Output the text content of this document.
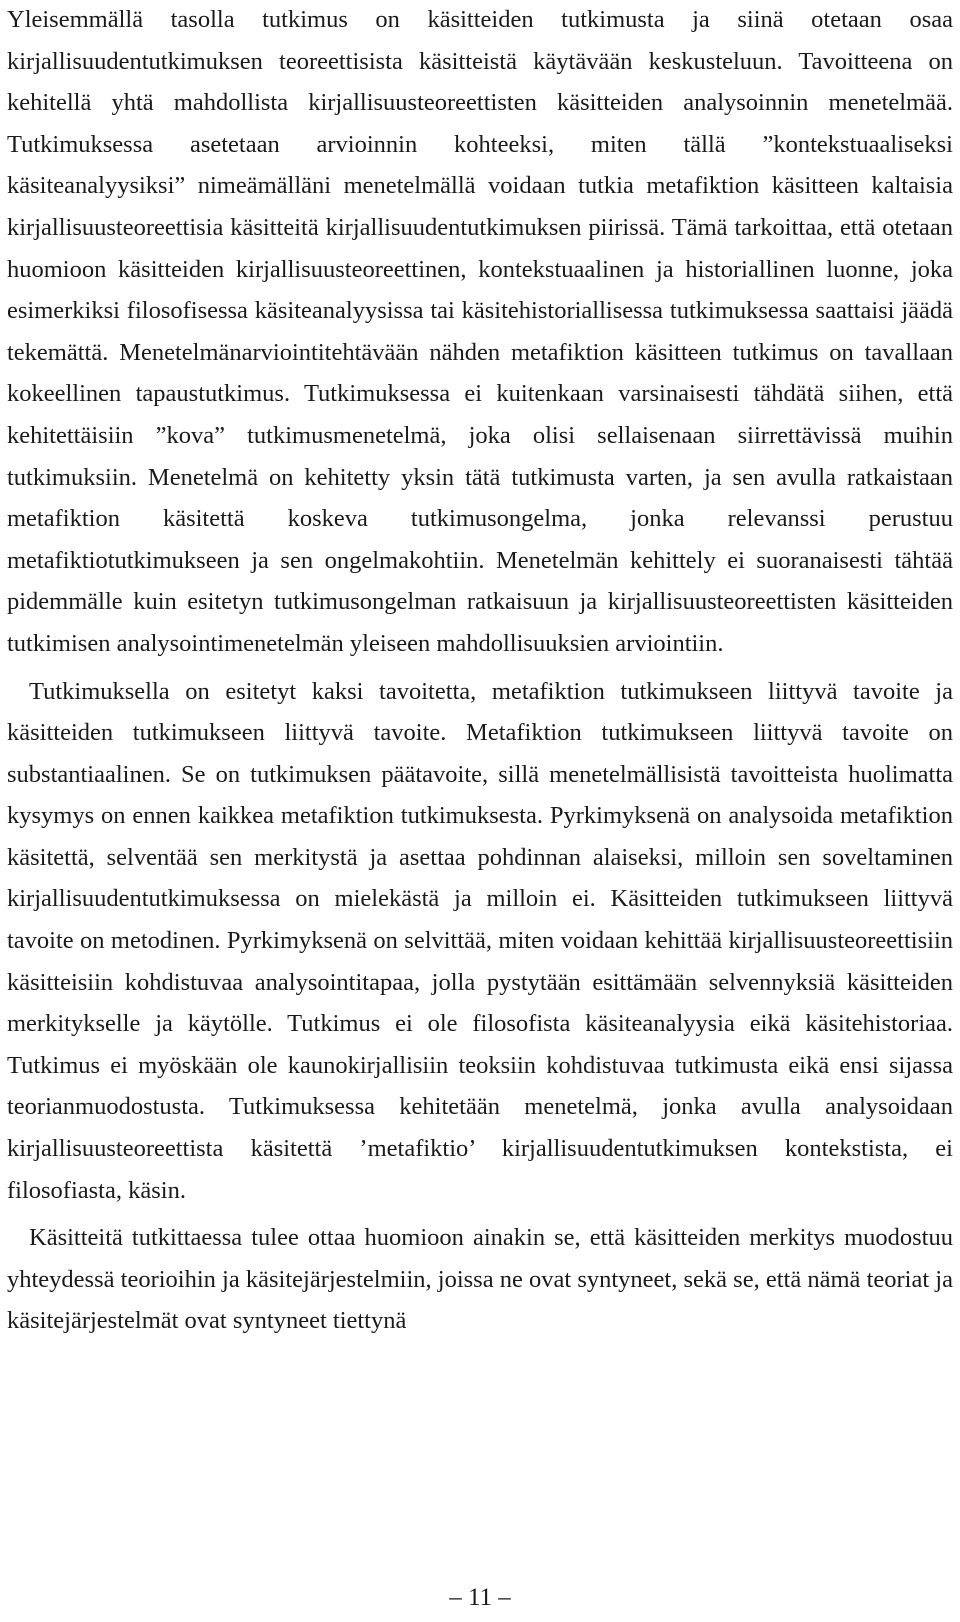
Yleisemmällä tasolla tutkimus on käsitteiden tutkimusta ja siinä otetaan osaa kirjallisuudentutkimuksen teoreettisista käsitteistä käytävään keskusteluun. Tavoitteena on kehitellä yhtä mahdollista kirjallisuusteoreettisten käsitteiden analysoinnin menetelmää. Tutkimuksessa asetetaan arvioinnin kohteeksi, miten tällä ”kontekstuaaliseksi käsiteanalyysiksi” nimeämälläni menetelmällä voidaan tutkia metafiktion käsitteen kaltaisia kirjallisuusteoreettisia käsitteitä kirjallisuudentutkimuksen piirissä. Tämä tarkoittaa, että otetaan huomioon käsitteiden kirjallisuusteoreettinen, kontekstuaalinen ja historiallinen luonne, joka esimerkiksi filosofisessa käsiteanalyysissa tai käsitehistoriallisessa tutkimuksessa saattaisi jäädä tekemättä. Menetelmänarviointitehtävään nähden metafiktion käsitteen tutkimus on tavallaan kokeellinen tapaustutkimus. Tutkimuksessa ei kuitenkaan varsinaisesti tähdätä siihen, että kehitettäisiin ”kova” tutkimusmenetelmä, joka olisi sellaisenaan siirrettävissä muihin tutkimuksiin. Menetelmä on kehitetty yksin tätä tutkimusta varten, ja sen avulla ratkaistaan metafiktion käsitettä koskeva tutkimusongelma, jonka relevanssi perustuu metafiktiotutkimukseen ja sen ongelmakohtiin. Menetelmän kehittely ei suoranaisesti tähtää pidemmälle kuin esitetyn tutkimusongelman ratkaisuun ja kirjallisuusteoreettisten käsitteiden tutkimisen analysointimenetelmän yleiseen mahdollisuuksien arviointiin.

Tutkimuksella on esitetyt kaksi tavoitetta, metafiktion tutkimukseen liittyvä tavoite ja käsitteiden tutkimukseen liittyvä tavoite. Metafiktion tutkimukseen liittyvä tavoite on substantiaalinen. Se on tutkimuksen päätavoite, sillä menetelmällisistä tavoitteista huolimatta kysymys on ennen kaikkea metafiktion tutkimuksesta. Pyrkimyksenä on analysoida metafiktion käsitettä, selventää sen merkitystä ja asettaa pohdinnan alaiseksi, milloin sen soveltaminen kirjallisuudentutkimuksessa on mielekästä ja milloin ei. Käsitteiden tutkimukseen liittyvä tavoite on metodinen. Pyrkimyksenä on selvittää, miten voidaan kehittää kirjallisuusteoreettisiin käsitteisiin kohdistuvaa analysointitapaa, jolla pystytään esittämään selvennyksiä käsitteiden merkitykselle ja käytölle. Tutkimus ei ole filosofista käsiteanalyysia eikä käsitehistoriaa. Tutkimus ei myöskään ole kaunokirjallisiin teoksiin kohdistuvaa tutkimusta eikä ensi sijassa teorianmuodostusta. Tutkimuksessa kehitetään menetelmä, jonka avulla analysoidaan kirjallisuusteoreettista käsitettä ’metafiktio’ kirjallisuudentutkimuksen kontekstista, ei filosofiasta, käsin.

Käsitteitä tutkittaessa tulee ottaa huomioon ainakin se, että käsitteiden merkitys muodostuu yhteydessä teorioihin ja käsitejärjestelmiin, joissa ne ovat syntyneet, sekä se, että nämä teoriat ja käsitejärjestelmät ovat syntyneet tiettynä

– 11 –
